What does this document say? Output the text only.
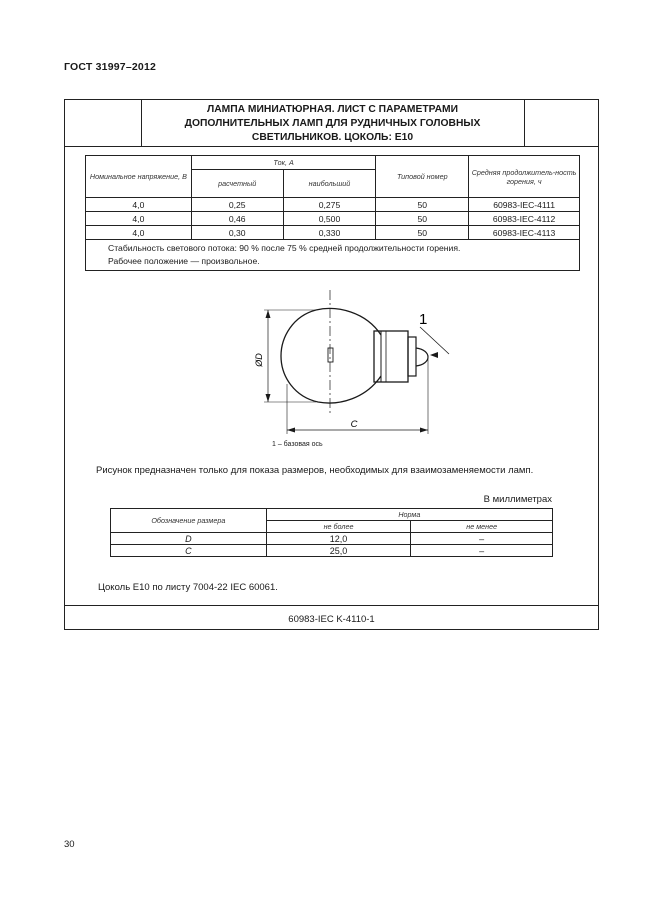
ГОСТ 31997–2012
ЛАМПА МИНИАТЮРНАЯ. ЛИСТ С ПАРАМЕТРАМИ
ДОПОЛНИТЕЛЬНЫХ ЛАМП ДЛЯ РУДНИЧНЫХ ГОЛОВНЫХ
СВЕТИЛЬНИКОВ. ЦОКОЛЬ: E10
Номинальное напряжение, В	Ток, А		Типовой номер	Средняя продолжитель-ность горения, ч
	расчетный	наибольший		
4,0	0,25	0,275	50	60983-IEC-4111
4,0	0,46	0,500	50	60983-IEC-4112
4,0	0,30	0,330	50	60983-IEC-4113

Стабильность светового потока: 90 % после 75 % средней продолжительности горения.
Рабочее положение — произвольное.				
ØD
C
1
1 – базовая ось
Рисунок предназначен только для показа размеров, необходимых для взаимозаменяемости ламп.
В миллиметрах
Обозначение размера	Норма	
	не более	не менее
D	12,0	–
C	25,0	–
Цоколь E10 по листу 7004-22 IEC 60061.
60983-IEC K-4110-1
30
